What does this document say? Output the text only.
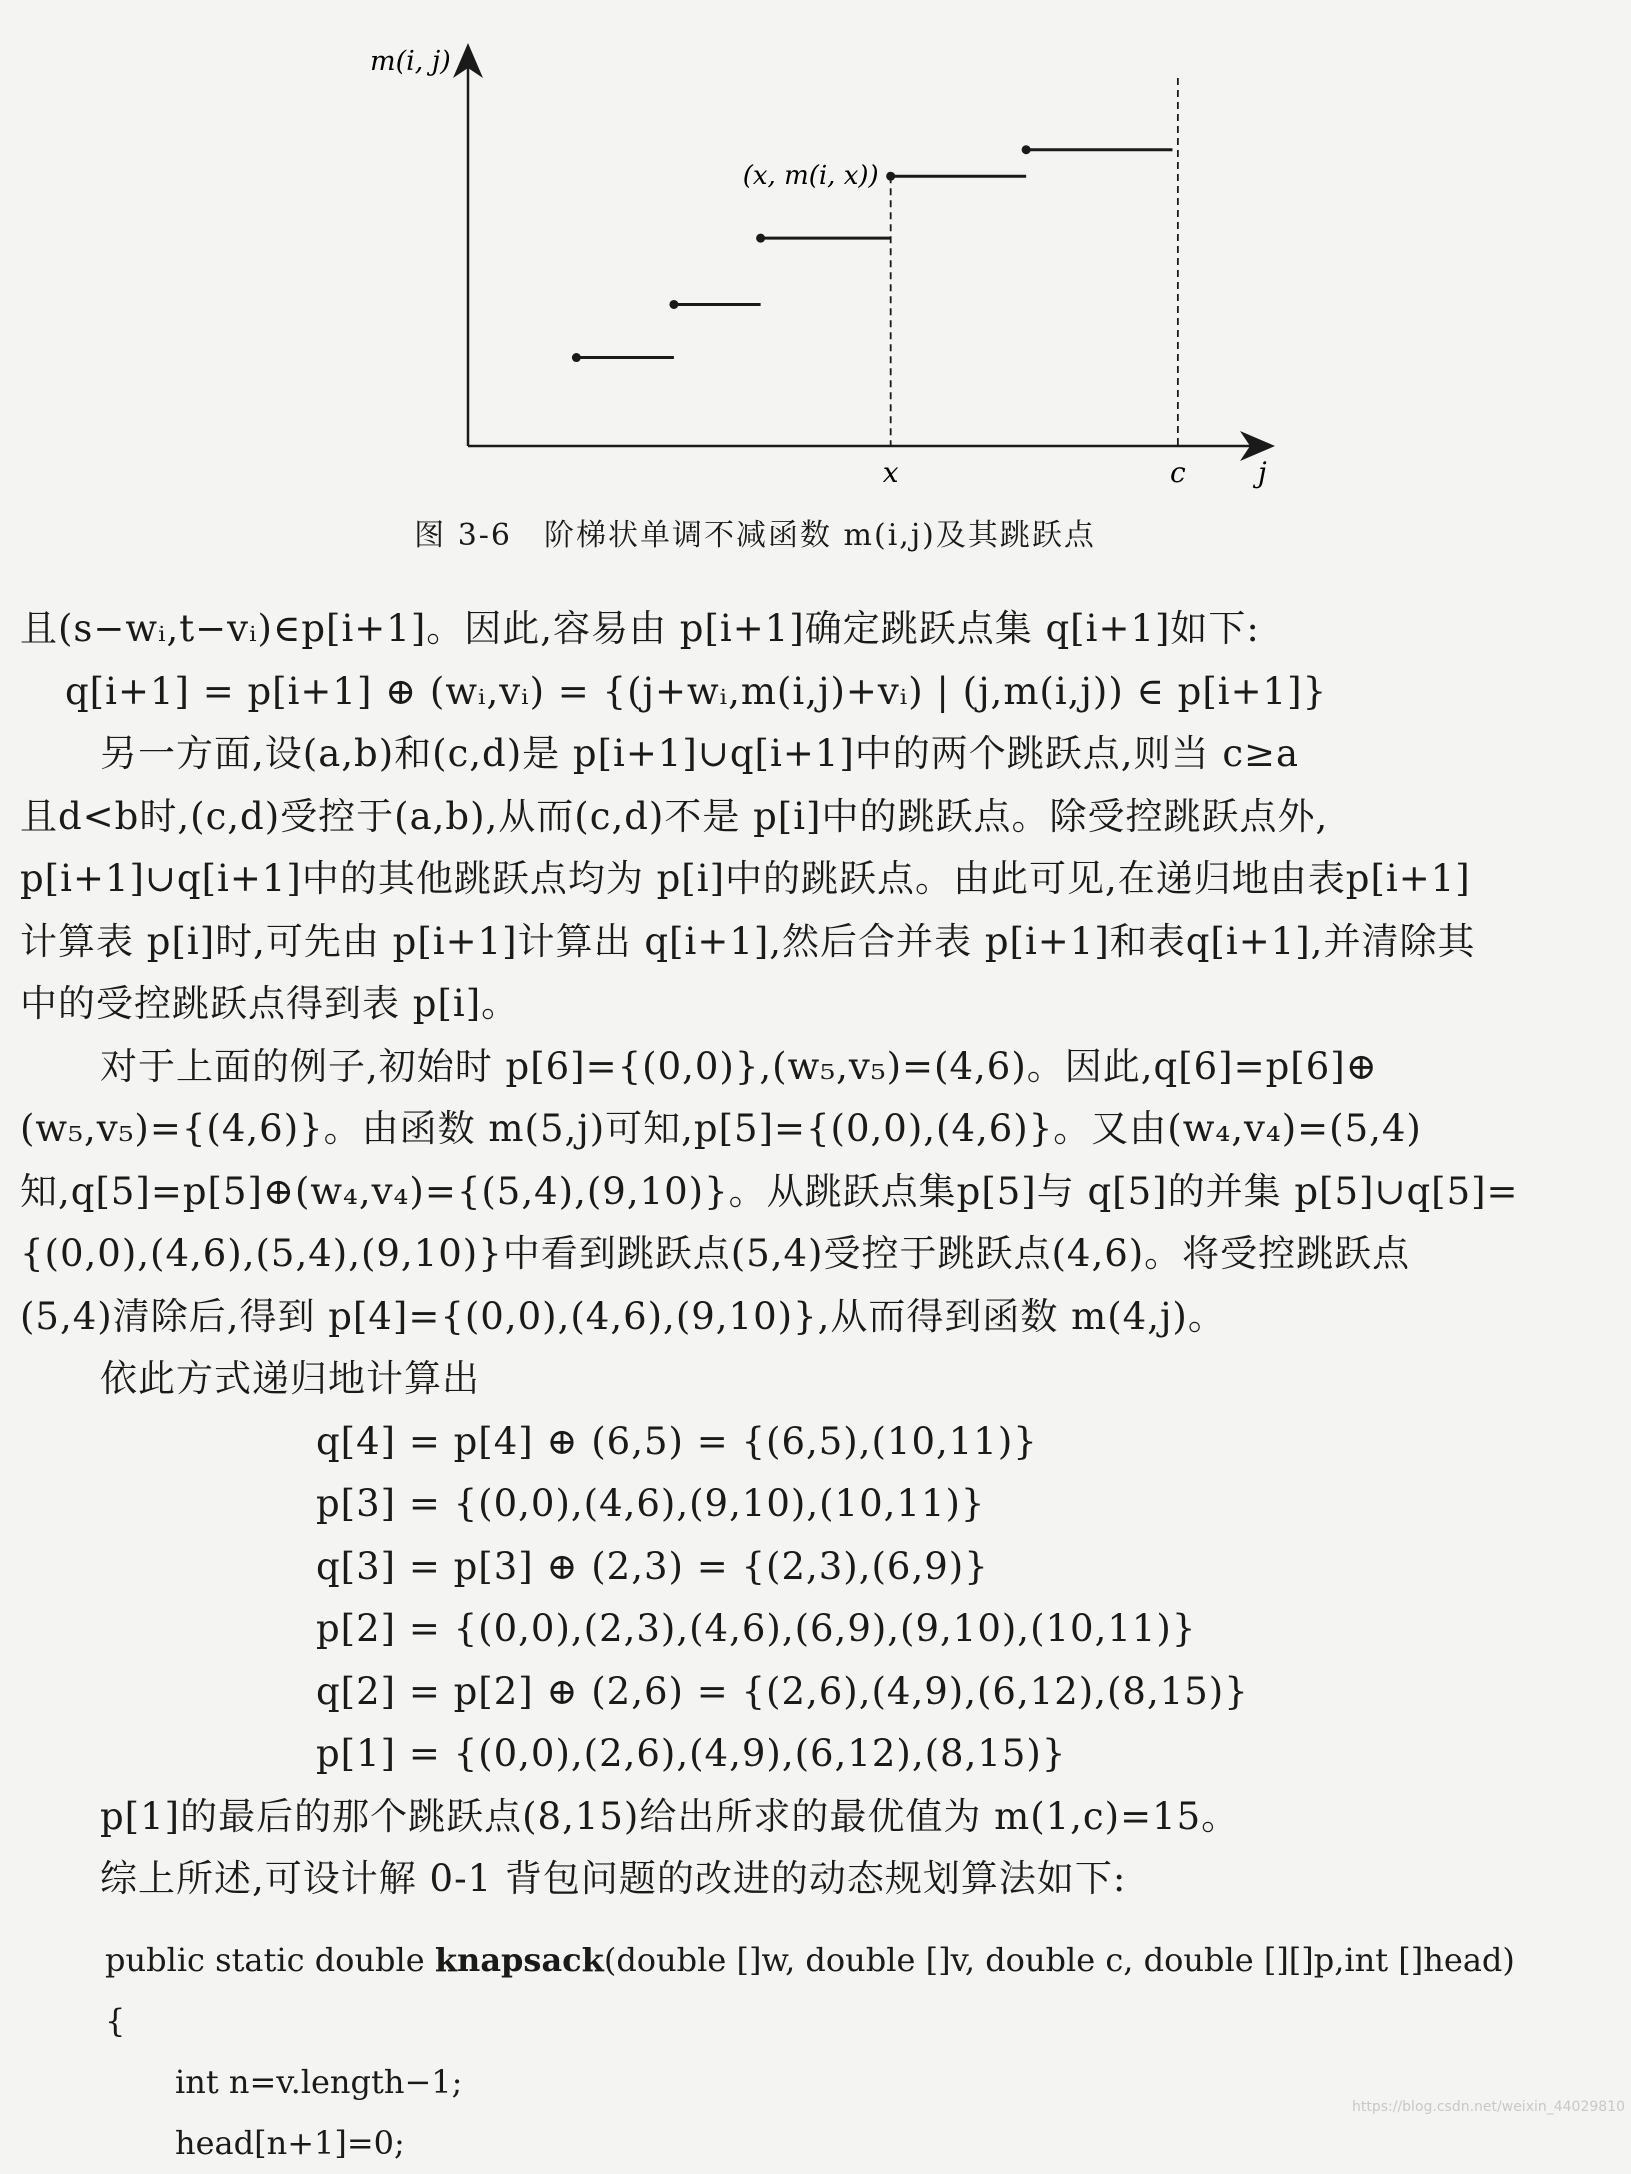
m(i, j)
j
x	c
(x, m(i, x))
图 3-6　阶梯状单调不减函数 m(i,j)及其跳跃点

且(s−wᵢ,t−vᵢ)∈p[i+1]。因此,容易由 p[i+1]确定跳跃点集 q[i+1]如下:

q[i+1] = p[i+1] ⊕ (wᵢ,vᵢ) = {(j+wᵢ,m(i,j)+vᵢ) | (j,m(i,j)) ∈ p[i+1]}

另一方面,设(a,b)和(c,d)是 p[i+1]∪q[i+1]中的两个跳跃点,则当 c≥a

且d<b时,(c,d)受控于(a,b),从而(c,d)不是 p[i]中的跳跃点。除受控跳跃点外,

p[i+1]∪q[i+1]中的其他跳跃点均为 p[i]中的跳跃点。由此可见,在递归地由表p[i+1]

计算表 p[i]时,可先由 p[i+1]计算出 q[i+1],然后合并表 p[i+1]和表q[i+1],并清除其

中的受控跳跃点得到表 p[i]。

对于上面的例子,初始时 p[6]={(0,0)},(w₅,v₅)=(4,6)。因此,q[6]=p[6]⊕

(w₅,v₅)={(4,6)}。由函数 m(5,j)可知,p[5]={(0,0),(4,6)}。又由(w₄,v₄)=(5,4)

知,q[5]=p[5]⊕(w₄,v₄)={(5,4),(9,10)}。从跳跃点集p[5]与 q[5]的并集 p[5]∪q[5]=

{(0,0),(4,6),(5,4),(9,10)}中看到跳跃点(5,4)受控于跳跃点(4,6)。将受控跳跃点

(5,4)清除后,得到 p[4]={(0,0),(4,6),(9,10)},从而得到函数 m(4,j)。

依此方式递归地计算出

q[4] = p[4] ⊕ (6,5) = {(6,5),(10,11)}

p[3] = {(0,0),(4,6),(9,10),(10,11)}

q[3] = p[3] ⊕ (2,3) = {(2,3),(6,9)}

p[2] = {(0,0),(2,3),(4,6),(6,9),(9,10),(10,11)}

q[2] = p[2] ⊕ (2,6) = {(2,6),(4,9),(6,12),(8,15)}

p[1] = {(0,0),(2,6),(4,9),(6,12),(8,15)}

p[1]的最后的那个跳跃点(8,15)给出所求的最优值为 m(1,c)=15。

综上所述,可设计解 0-1 背包问题的改进的动态规划算法如下:

public static double knapsack(double []w, double []v, double c, double [][]p,int []head)

{

int n=v.length−1;

head[n+1]=0;

https://blog.csdn.net/weixin_44029810
